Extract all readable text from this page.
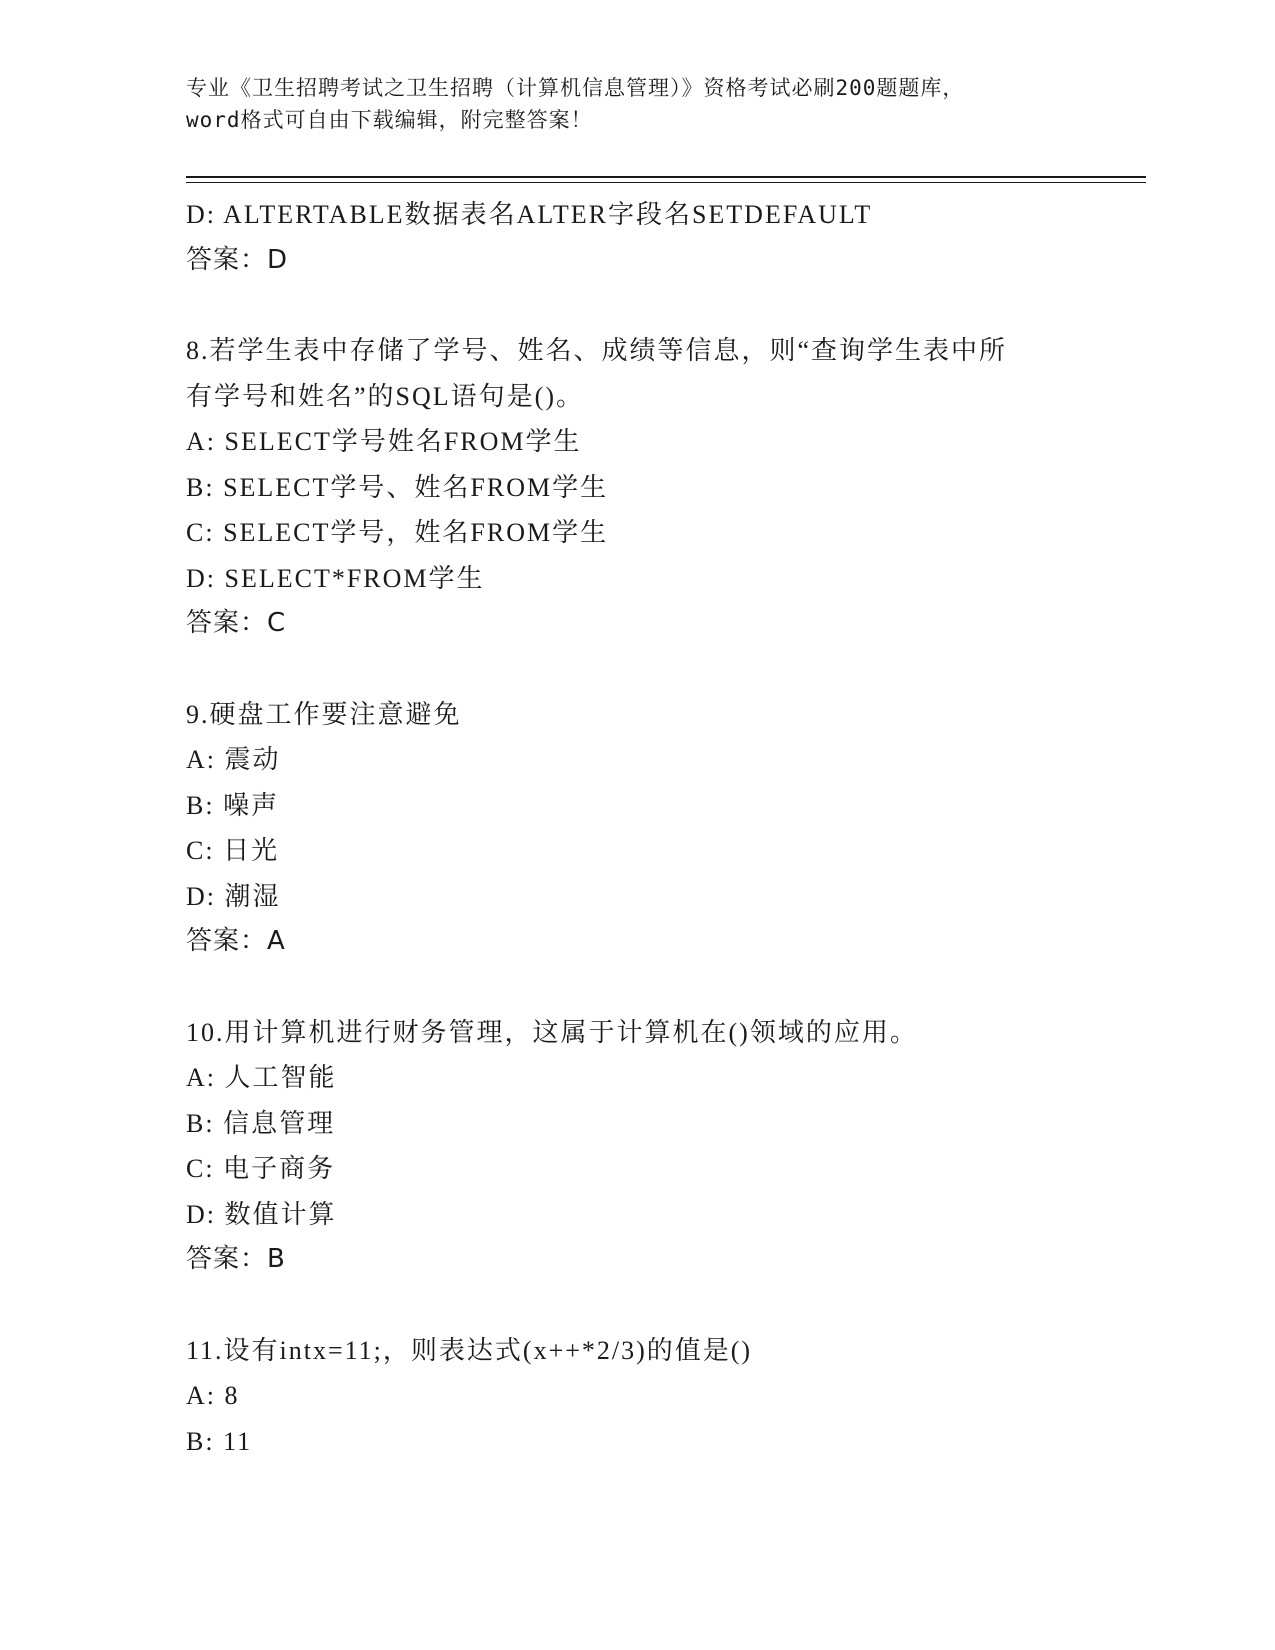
专业《卫生招聘考试之卫生招聘（计算机信息管理）》资格考试必刷200题题库，
word格式可自由下载编辑，附完整答案！
D: ALTERTABLE数据表名ALTER字段名SETDEFAULT
答案：D
8.若学生表中存储了学号、姓名、成绩等信息，则“查询学生表中所
有学号和姓名”的SQL语句是()。
A: SELECT学号姓名FROM学生
B: SELECT学号、姓名FROM学生
C: SELECT学号，姓名FROM学生
D: SELECT*FROM学生
答案：C
9.硬盘工作要注意避免
A: 震动
B: 噪声
C: 日光
D: 潮湿
答案：A
10.用计算机进行财务管理，这属于计算机在()领域的应用。
A: 人工智能
B: 信息管理
C: 电子商务
D: 数值计算
答案：B
11.设有intx=11;，则表达式(x++*2/3)的值是()
A: 8
B: 11
